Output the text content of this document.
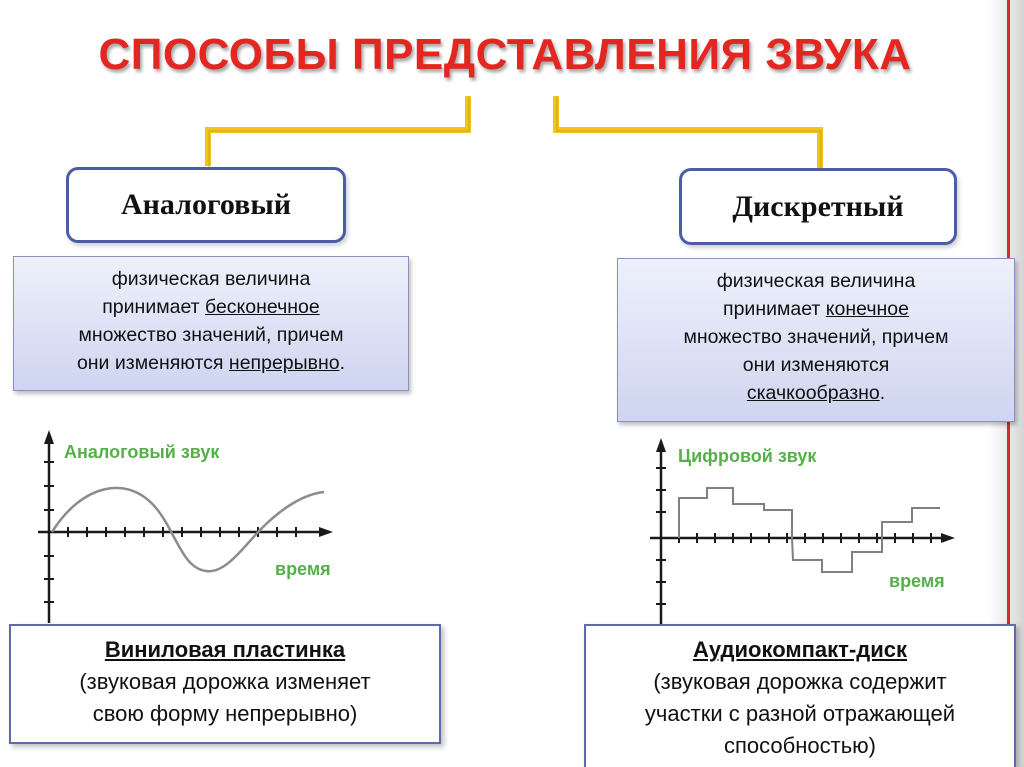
СПОСОБЫ ПРЕДСТАВЛЕНИЯ ЗВУКА
Аналоговый	Дискретный
физическая величина
принимает бесконечное
множество значений, причем
они изменяются непрерывно.
физическая величина
принимает конечное
множество значений, причем
они изменяются
скачкообразно.
Аналоговый звук
время
Цифровой звук
время
Виниловая пластинка
(звуковая дорожка изменяет
свою форму непрерывно)
Аудиокомпакт-диск
(звуковая дорожка содержит
участки с разной отражающей
способностью)
